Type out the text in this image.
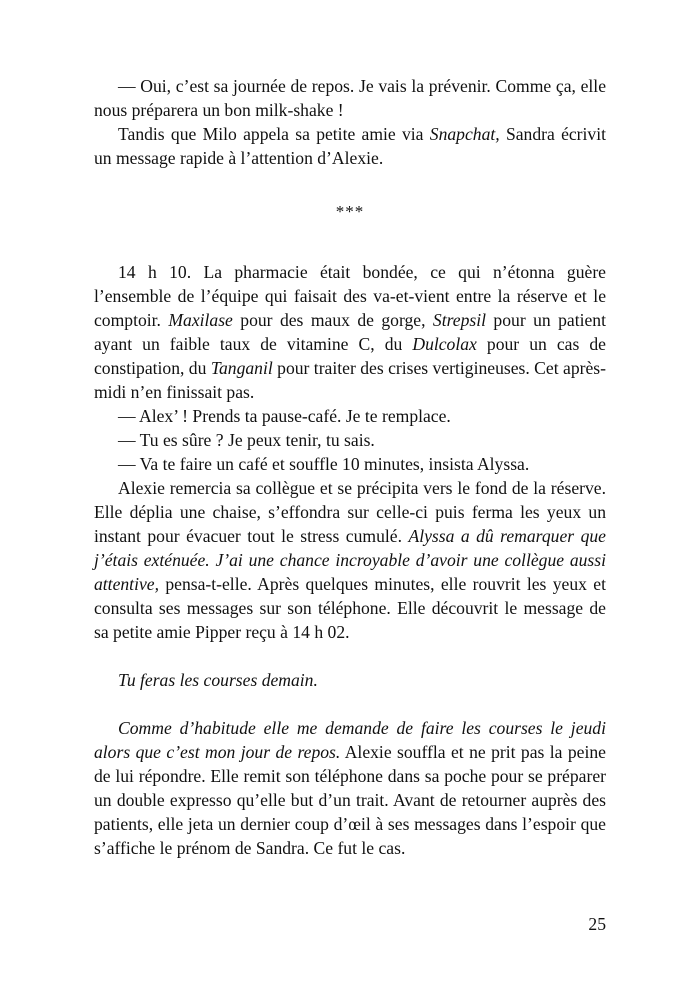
— Oui, c’est sa journée de repos. Je vais la prévenir. Comme ça, elle nous préparera un bon milk-shake !

Tandis que Milo appela sa petite amie via Snapchat, Sandra écrivit un message rapide à l’attention d’Alexie.

***

14 h 10. La pharmacie était bondée, ce qui n’étonna guère l’ensemble de l’équipe qui faisait des va-et-vient entre la réserve et le comptoir. Maxilase pour des maux de gorge, Strepsil pour un patient ayant un faible taux de vitamine C, du Dulcolax pour un cas de constipation, du Tanganil pour traiter des crises vertigineuses. Cet après-midi n’en finissait pas.

— Alex’ ! Prends ta pause-café. Je te remplace.

— Tu es sûre ? Je peux tenir, tu sais.

— Va te faire un café et souffle 10 minutes, insista Alyssa.

Alexie remercia sa collègue et se précipita vers le fond de la réserve. Elle déplia une chaise, s’effondra sur celle-ci puis ferma les yeux un instant pour évacuer tout le stress cumulé. Alyssa a dû remarquer que j’étais exténuée. J’ai une chance incroyable d’avoir une collègue aussi attentive, pensa-t-elle. Après quelques minutes, elle rouvrit les yeux et consulta ses messages sur son téléphone. Elle découvrit le message de sa petite amie Pipper reçu à 14 h 02.

Tu feras les courses demain.

Comme d’habitude elle me demande de faire les courses le jeudi alors que c’est mon jour de repos. Alexie souffla et ne prit pas la peine de lui répondre. Elle remit son téléphone dans sa poche pour se préparer un double expresso qu’elle but d’un trait. Avant de retourner auprès des patients, elle jeta un dernier coup d’œil à ses messages dans l’espoir que s’affiche le prénom de Sandra. Ce fut le cas.

25
